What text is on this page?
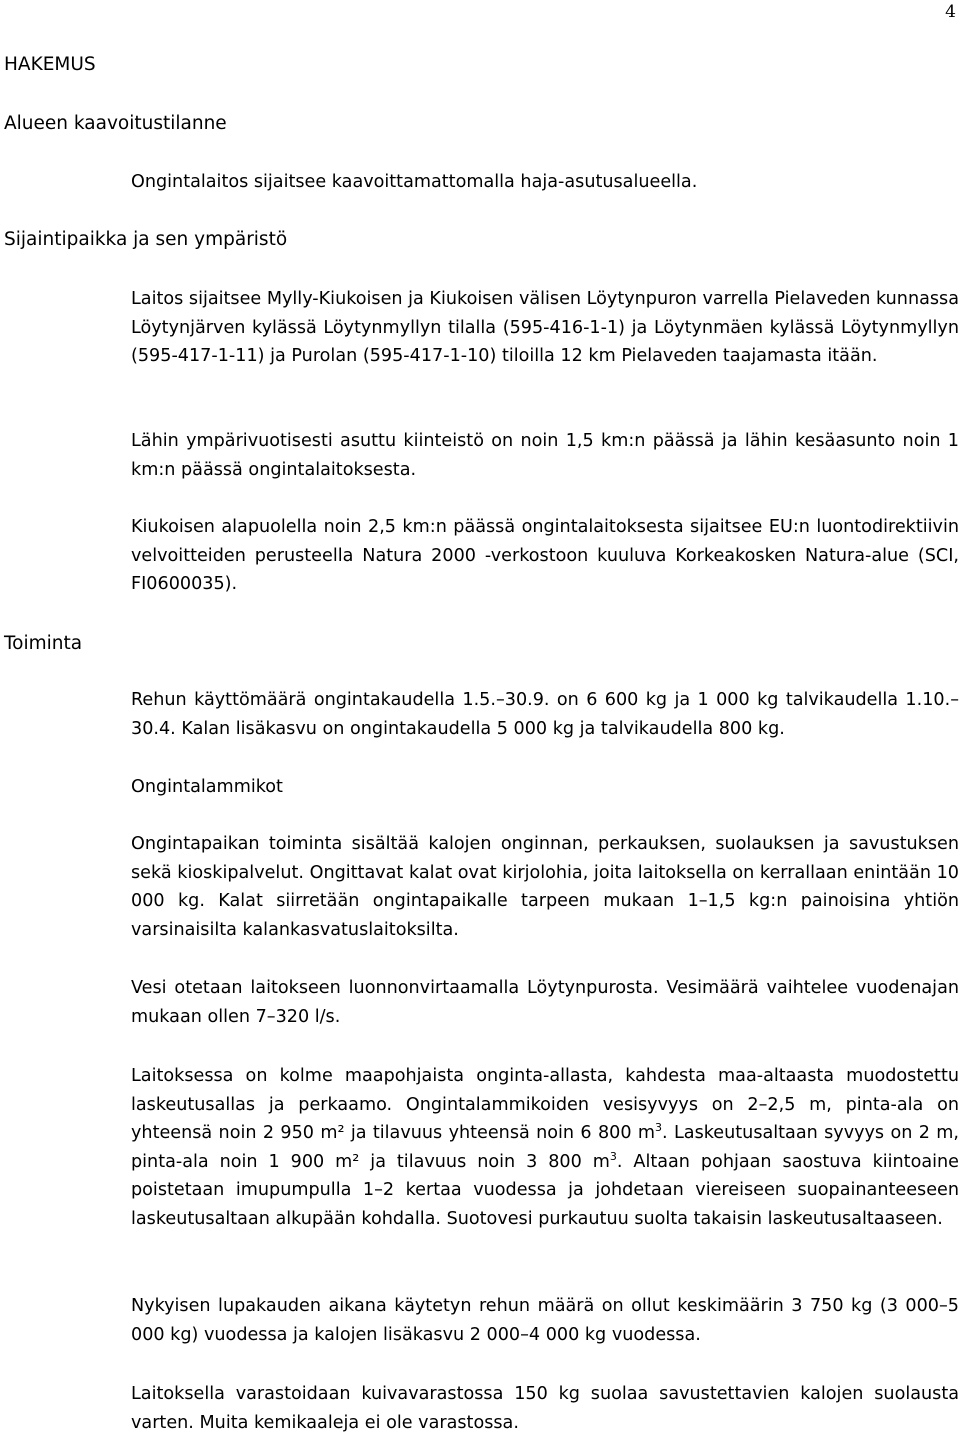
4
HAKEMUS
Alueen kaavoitustilanne
Ongintalaitos sijaitsee kaavoittamattomalla haja-asutusalueella.
Sijaintipaikka ja sen ympäristö
Laitos sijaitsee Mylly-Kiukoisen ja Kiukoisen välisen Löytynpuron varrella Pielaveden kunnassa Löytynjärven kylässä Löytynmyllyn tilalla (595-416-1-1) ja Löytynmäen kylässä Löytynmyllyn (595-417-1-11) ja Purolan (595-417-1-10) tiloilla 12 km Pielaveden taajamasta itään.
Lähin ympärivuotisesti asuttu kiinteistö on noin 1,5 km:n päässä ja lähin kesäasunto noin 1 km:n päässä ongintalaitoksesta.
Kiukoisen alapuolella noin 2,5 km:n päässä ongintalaitoksesta sijaitsee EU:n luontodirektiivin velvoitteiden perusteella Natura 2000 -verkostoon kuuluva Korkeakosken Natura-alue (SCI, FI0600035).
Toiminta
Rehun käyttömäärä ongintakaudella 1.5.–30.9. on 6 600 kg ja 1 000 kg talvikaudella 1.10.–30.4. Kalan lisäkasvu on ongintakaudella 5 000 kg ja talvikaudella 800 kg.
Ongintalammikot
Ongintapaikan toiminta sisältää kalojen onginnan, perkauksen, suolauksen ja savustuksen sekä kioskipalvelut. Ongittavat kalat ovat kirjolohia, joita laitoksella on kerrallaan enintään 10 000 kg. Kalat siirretään ongintapaikalle tarpeen mukaan 1–1,5 kg:n painoisina yhtiön varsinaisilta kalankasvatuslaitoksilta.
Vesi otetaan laitokseen luonnonvirtaamalla Löytynpurosta. Vesimäärä vaihtelee vuodenajan mukaan ollen 7–320 l/s.
Laitoksessa on kolme maapohjaista onginta-allasta, kahdesta maa-altaasta muodostettu laskeutusallas ja perkaamo. Ongintalammikoiden vesisyvyys on 2–2,5 m, pinta-ala on yhteensä noin 2 950 m² ja tilavuus yhteensä noin 6 800 $m^3$. Laskeutusaltaan syvyys on 2 m, pinta-ala noin 1 900 m² ja tilavuus noin 3 800 $m^3$. Altaan pohjaan saostuva kiintoaine poistetaan imupumpulla 1–2 kertaa vuodessa ja johdetaan viereiseen suopainanteeseen laskeutusaltaan alkupään kohdalla. Suotovesi purkautuu suolta takaisin laskeutusaltaaseen.
Nykyisen lupakauden aikana käytetyn rehun määrä on ollut keskimäärin 3 750 kg (3 000–5 000 kg) vuodessa ja kalojen lisäkasvu 2 000–4 000 kg vuodessa.
Laitoksella varastoidaan kuivavarastossa 150 kg suolaa savustettavien kalojen suolausta varten. Muita kemikaaleja ei ole varastossa.
